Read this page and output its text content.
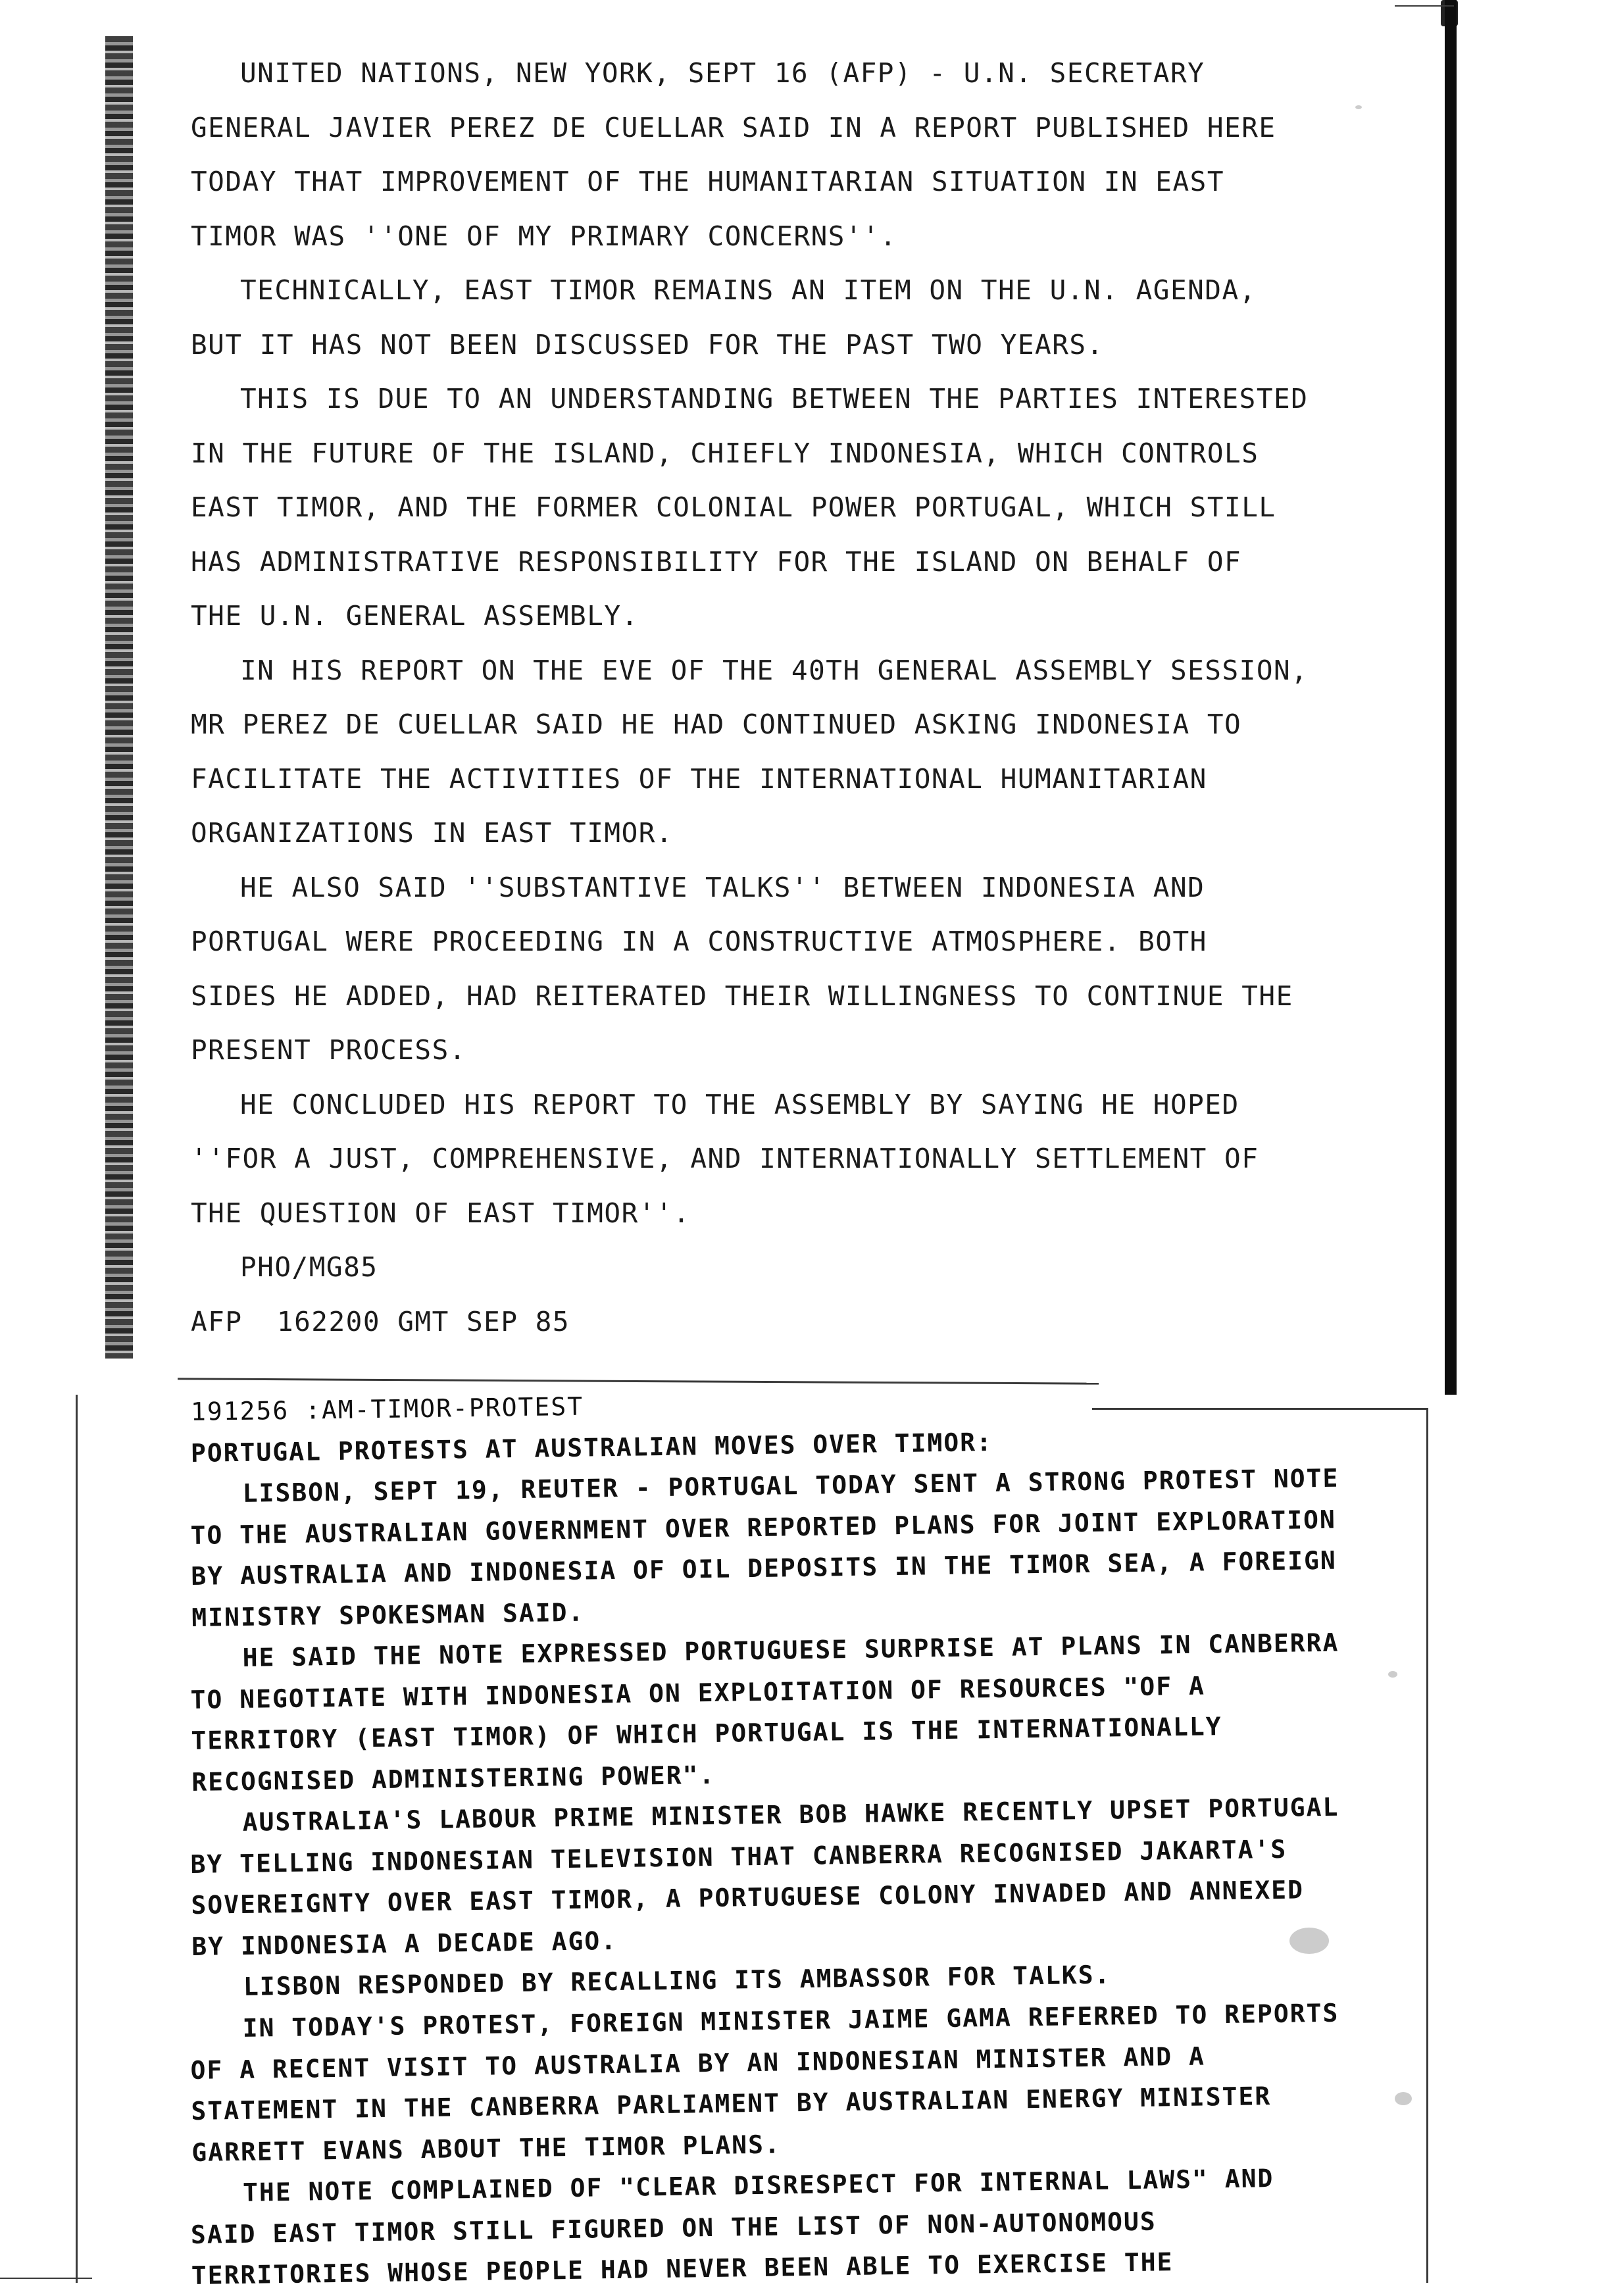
UNITED NATIONS, NEW YORK, SEPT 16 (AFP) - U.N. SECRETARY GENERAL JAVIER PEREZ DE CUELLAR SAID IN A REPORT PUBLISHED HERE TODAY THAT IMPROVEMENT OF THE HUMANITARIAN SITUATION IN EAST TIMOR WAS ''ONE OF MY PRIMARY CONCERNS''.

TECHNICALLY, EAST TIMOR REMAINS AN ITEM ON THE U.N. AGENDA, BUT IT HAS NOT BEEN DISCUSSED FOR THE PAST TWO YEARS.

THIS IS DUE TO AN UNDERSTANDING BETWEEN THE PARTIES INTERESTED IN THE FUTURE OF THE ISLAND, CHIEFLY INDONESIA, WHICH CONTROLS EAST TIMOR, AND THE FORMER COLONIAL POWER PORTUGAL, WHICH STILL HAS ADMINISTRATIVE RESPONSIBILITY FOR THE ISLAND ON BEHALF OF THE U.N. GENERAL ASSEMBLY.

IN HIS REPORT ON THE EVE OF THE 40TH GENERAL ASSEMBLY SESSION, MR PEREZ DE CUELLAR SAID HE HAD CONTINUED ASKING INDONESIA TO FACILITATE THE ACTIVITIES OF THE INTERNATIONAL HUMANITARIAN ORGANIZATIONS IN EAST TIMOR.

HE ALSO SAID ''SUBSTANTIVE TALKS'' BETWEEN INDONESIA AND PORTUGAL WERE PROCEEDING IN A CONSTRUCTIVE ATMOSPHERE. BOTH SIDES HE ADDED, HAD REITERATED THEIR WILLINGNESS TO CONTINUE THE PRESENT PROCESS.

HE CONCLUDED HIS REPORT TO THE ASSEMBLY BY SAYING HE HOPED ''FOR A JUST, COMPREHENSIVE, AND INTERNATIONALLY SETTLEMENT OF THE QUESTION OF EAST TIMOR''.

PHO/MG85

AFP  162200 GMT SEP 85

191256 :AM-TIMOR-PROTEST

PORTUGAL PROTESTS AT AUSTRALIAN MOVES OVER TIMOR:

LISBON, SEPT 19, REUTER - PORTUGAL TODAY SENT A STRONG PROTEST NOTE TO THE AUSTRALIAN GOVERNMENT OVER REPORTED PLANS FOR JOINT EXPLORATION BY AUSTRALIA AND INDONESIA OF OIL DEPOSITS IN THE TIMOR SEA, A FOREIGN MINISTRY SPOKESMAN SAID.

HE SAID THE NOTE EXPRESSED PORTUGUESE SURPRISE AT PLANS IN CANBERRA TO NEGOTIATE WITH INDONESIA ON EXPLOITATION OF RESOURCES "OF A TERRITORY (EAST TIMOR) OF WHICH PORTUGAL IS THE INTERNATIONALLY RECOGNISED ADMINISTERING POWER".

AUSTRALIA'S LABOUR PRIME MINISTER BOB HAWKE RECENTLY UPSET PORTUGAL BY TELLING INDONESIAN TELEVISION THAT CANBERRA RECOGNISED JAKARTA'S SOVEREIGNTY OVER EAST TIMOR, A PORTUGUESE COLONY INVADED AND ANNEXED BY INDONESIA A DECADE AGO.

LISBON RESPONDED BY RECALLING ITS AMBASSOR FOR TALKS.

IN TODAY'S PROTEST, FOREIGN MINISTER JAIME GAMA REFERRED TO REPORTS OF A RECENT VISIT TO AUSTRALIA BY AN INDONESIAN MINISTER AND A STATEMENT IN THE CANBERRA PARLIAMENT BY AUSTRALIAN ENERGY MINISTER GARRETT EVANS ABOUT THE TIMOR PLANS.

THE NOTE COMPLAINED OF "CLEAR DISRESPECT FOR INTERNAL LAWS" AND SAID EAST TIMOR STILL FIGURED ON THE LIST OF NON-AUTONOMOUS TERRITORIES WHOSE PEOPLE HAD NEVER BEEN ABLE TO EXERCISE THE
